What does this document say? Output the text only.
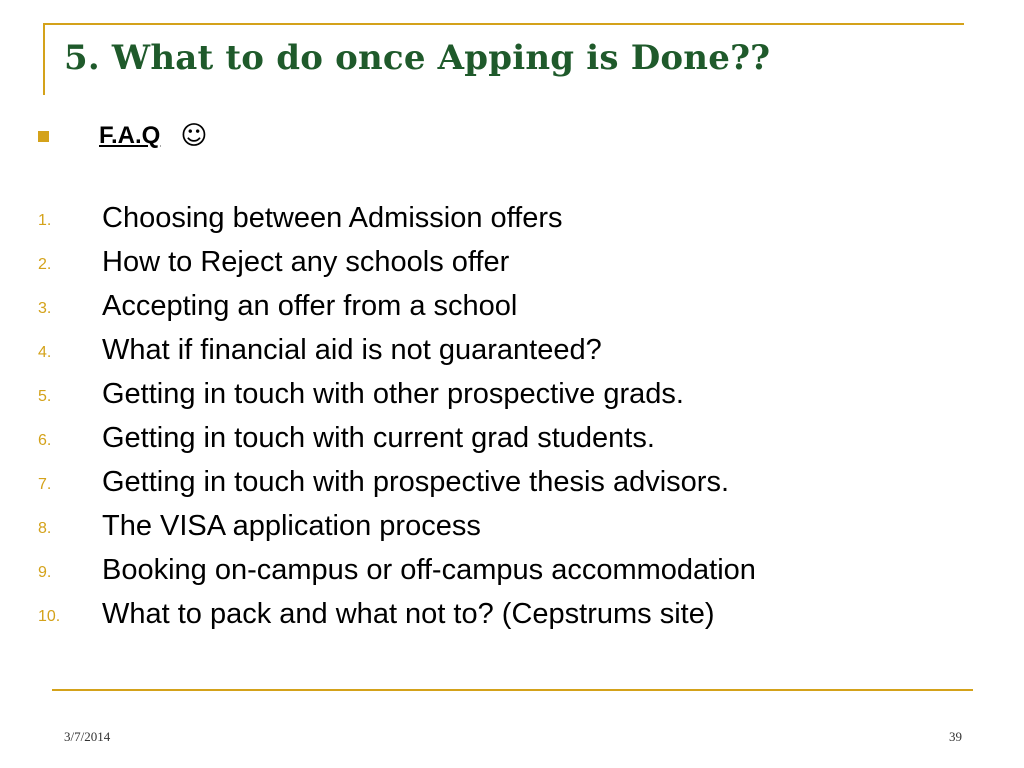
5. What to do once Apping is Done??
F.A.Q ☺
1. Choosing between Admission offers
2. How to Reject any schools offer
3. Accepting an offer from a school
4. What if financial aid is not guaranteed?
5. Getting in touch with other prospective grads.
6. Getting in touch with current grad students.
7. Getting in touch with prospective thesis advisors.
8. The VISA application process
9. Booking on-campus or off-campus accommodation
10. What to pack and what not to? (Cepstrums site)
3/7/2014	39
